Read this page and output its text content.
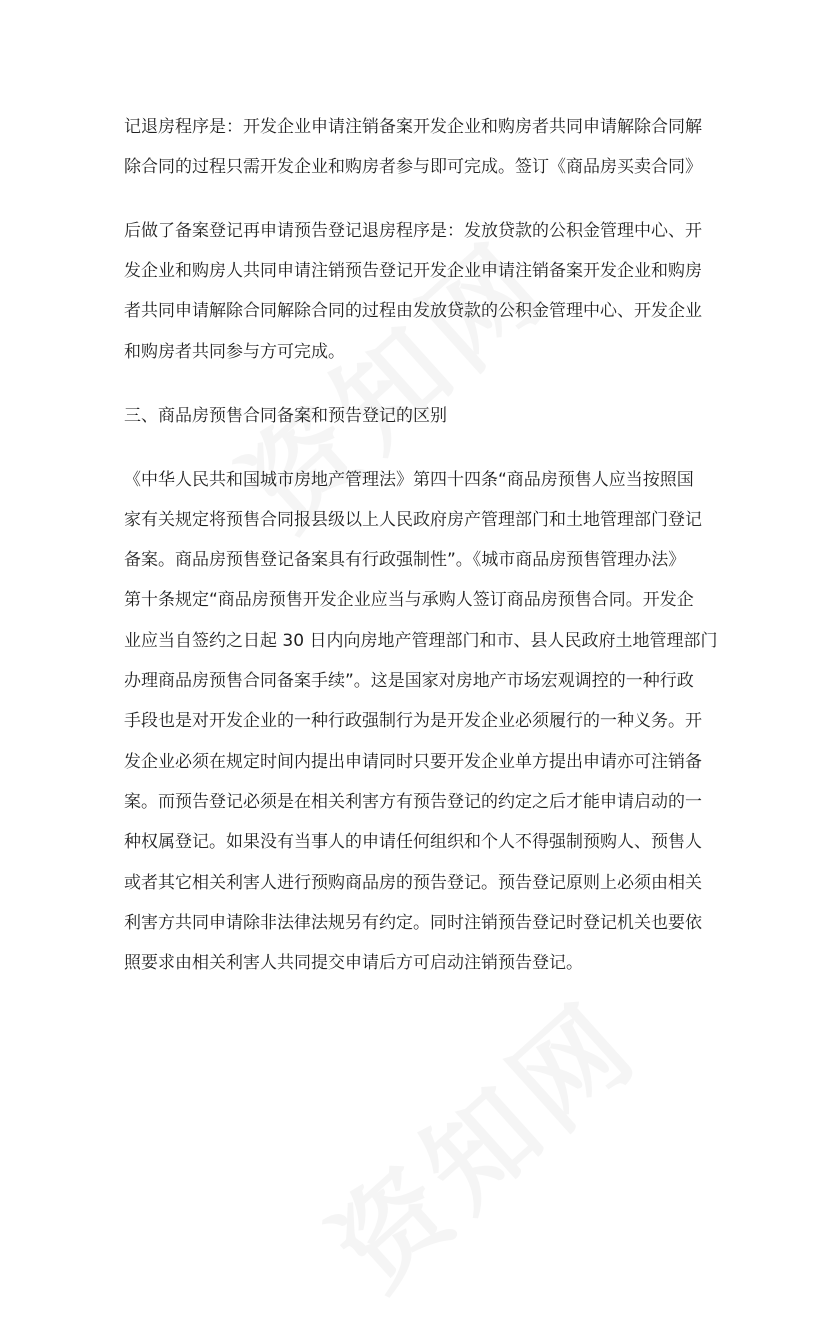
记退房程序是：开发企业申请注销备案开发企业和购房者共同申请解除合同解

除合同的过程只需开发企业和购房者参与即可完成。签订《商品房买卖合同》

后做了备案登记再申请预告登记退房程序是：发放贷款的公积金管理中心、开

发企业和购房人共同申请注销预告登记开发企业申请注销备案开发企业和购房

者共同申请解除合同解除合同的过程由发放贷款的公积金管理中心、开发企业

和购房者共同参与方可完成。

三、商品房预售合同备案和预告登记的区别

《中华人民共和国城市房地产管理法》第四十四条“商品房预售人应当按照国

家有关规定将预售合同报县级以上人民政府房产管理部门和土地管理部门登记

备案。商品房预售登记备案具有行政强制性”。《城市商品房预售管理办法》

第十条规定“商品房预售开发企业应当与承购人签订商品房预售合同。开发企

业应当自签约之日起 30 日内向房地产管理部门和市、县人民政府土地管理部门

办理商品房预售合同备案手续”。这是国家对房地产市场宏观调控的一种行政

手段也是对开发企业的一种行政强制行为是开发企业必须履行的一种义务。开

发企业必须在规定时间内提出申请同时只要开发企业单方提出申请亦可注销备

案。而预告登记必须是在相关利害方有预告登记的约定之后才能申请启动的一

种权属登记。如果没有当事人的申请任何组织和个人不得强制预购人、预售人

或者其它相关利害人进行预购商品房的预告登记。预告登记原则上必须由相关

利害方共同申请除非法律法规另有约定。同时注销预告登记时登记机关也要依

照要求由相关利害人共同提交申请后方可启动注销预告登记。
